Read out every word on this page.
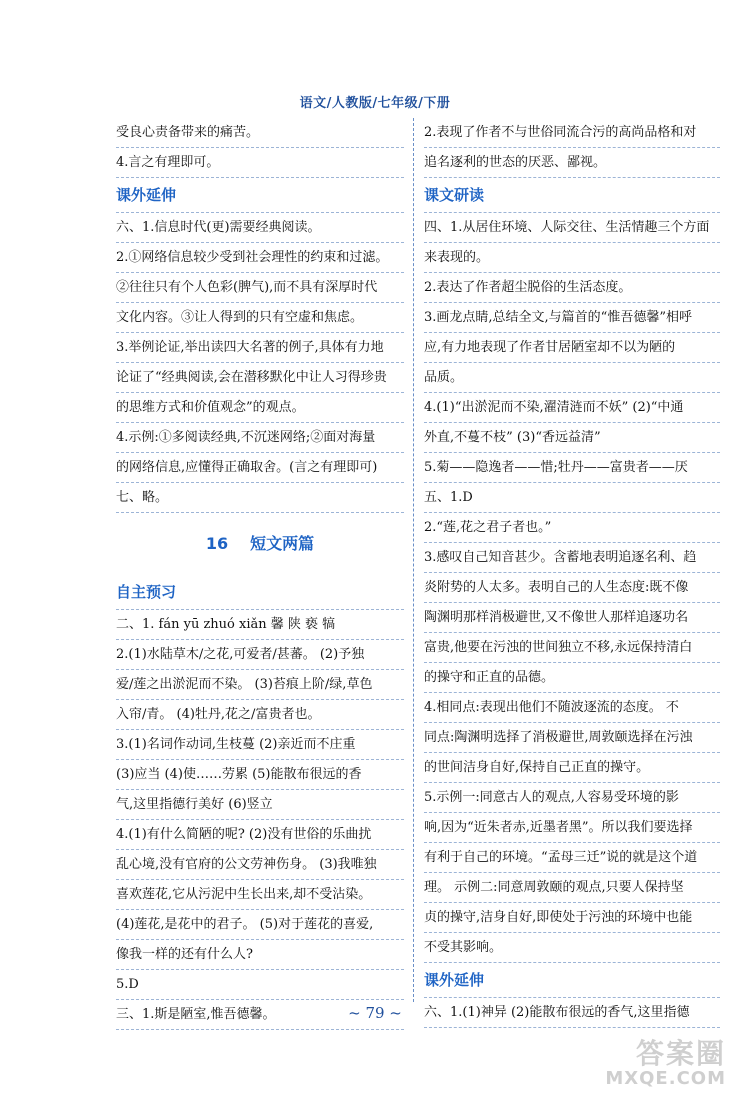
语文/人教版/七年级/下册

受良心责备带来的痛苦。

4.言之有理即可。

课外延伸

六、1.信息时代(更)需要经典阅读。

2.①网络信息较少受到社会理性的约束和过滤。

②往往只有个人色彩(脾气),而不具有深厚时代

文化内容。③让人得到的只有空虚和焦虑。

3.举例论证,举出读四大名著的例子,具体有力地

论证了“经典阅读,会在潜移默化中让人习得珍贵

的思维方式和价值观念”的观点。

4.示例:①多阅读经典,不沉迷网络;②面对海量

的网络信息,应懂得正确取舍。(言之有理即可)

七、略。

16 短文两篇

自主预习

二、1. fán yū zhuó xiǎn 馨 陕 亵 犒

2.(1)水陆草木/之花,可爱者/甚蕃。 (2)予独

爱/莲之出淤泥而不染。 (3)苔痕上阶/绿,草色

入帘/青。 (4)牡丹,花之/富贵者也。

3.(1)名词作动词,生枝蔓 (2)亲近而不庄重

(3)应当 (4)使……劳累 (5)能散布很远的香

气,这里指德行美好 (6)竖立

4.(1)有什么简陋的呢? (2)没有世俗的乐曲扰

乱心境,没有官府的公文劳神伤身。 (3)我唯独

喜欢莲花,它从污泥中生长出来,却不受沾染。

(4)莲花,是花中的君子。 (5)对于莲花的喜爱,

像我一样的还有什么人?

5.D

三、1.斯是陋室,惟吾德馨。

2.表现了作者不与世俗同流合污的高尚品格和对

追名逐利的世态的厌恶、鄙视。

课文研读

四、1.从居住环境、人际交往、生活情趣三个方面

来表现的。

2.表达了作者超尘脱俗的生活态度。

3.画龙点睛,总结全文,与篇首的“惟吾德馨”相呼

应,有力地表现了作者甘居陋室却不以为陋的

品质。

4.(1)“出淤泥而不染,濯清涟而不妖” (2)“中通

外直,不蔓不枝” (3)“香远益清”

5.菊——隐逸者——惜;牡丹——富贵者——厌

五、1.D

2.“莲,花之君子者也。”

3.感叹自己知音甚少。含蓄地表明追逐名利、趋

炎附势的人太多。表明自己的人生态度:既不像

陶渊明那样消极避世,又不像世人那样追逐功名

富贵,他要在污浊的世间独立不移,永远保持清白

的操守和正直的品德。

4.相同点:表现出他们不随波逐流的态度。 不

同点:陶渊明选择了消极避世,周敦颐选择在污浊

的世间洁身自好,保持自己正直的操守。

5.示例一:同意古人的观点,人容易受环境的影

响,因为“近朱者赤,近墨者黑”。所以我们要选择

有利于自己的环境。“孟母三迁”说的就是这个道

理。 示例二:同意周敦颐的观点,只要人保持坚

贞的操守,洁身自好,即使处于污浊的环境中也能

不受其影响。

课外延伸

六、1.(1)神异 (2)能散布很远的香气,这里指德

~ 79 ~
答案圈
MXQE.COM
